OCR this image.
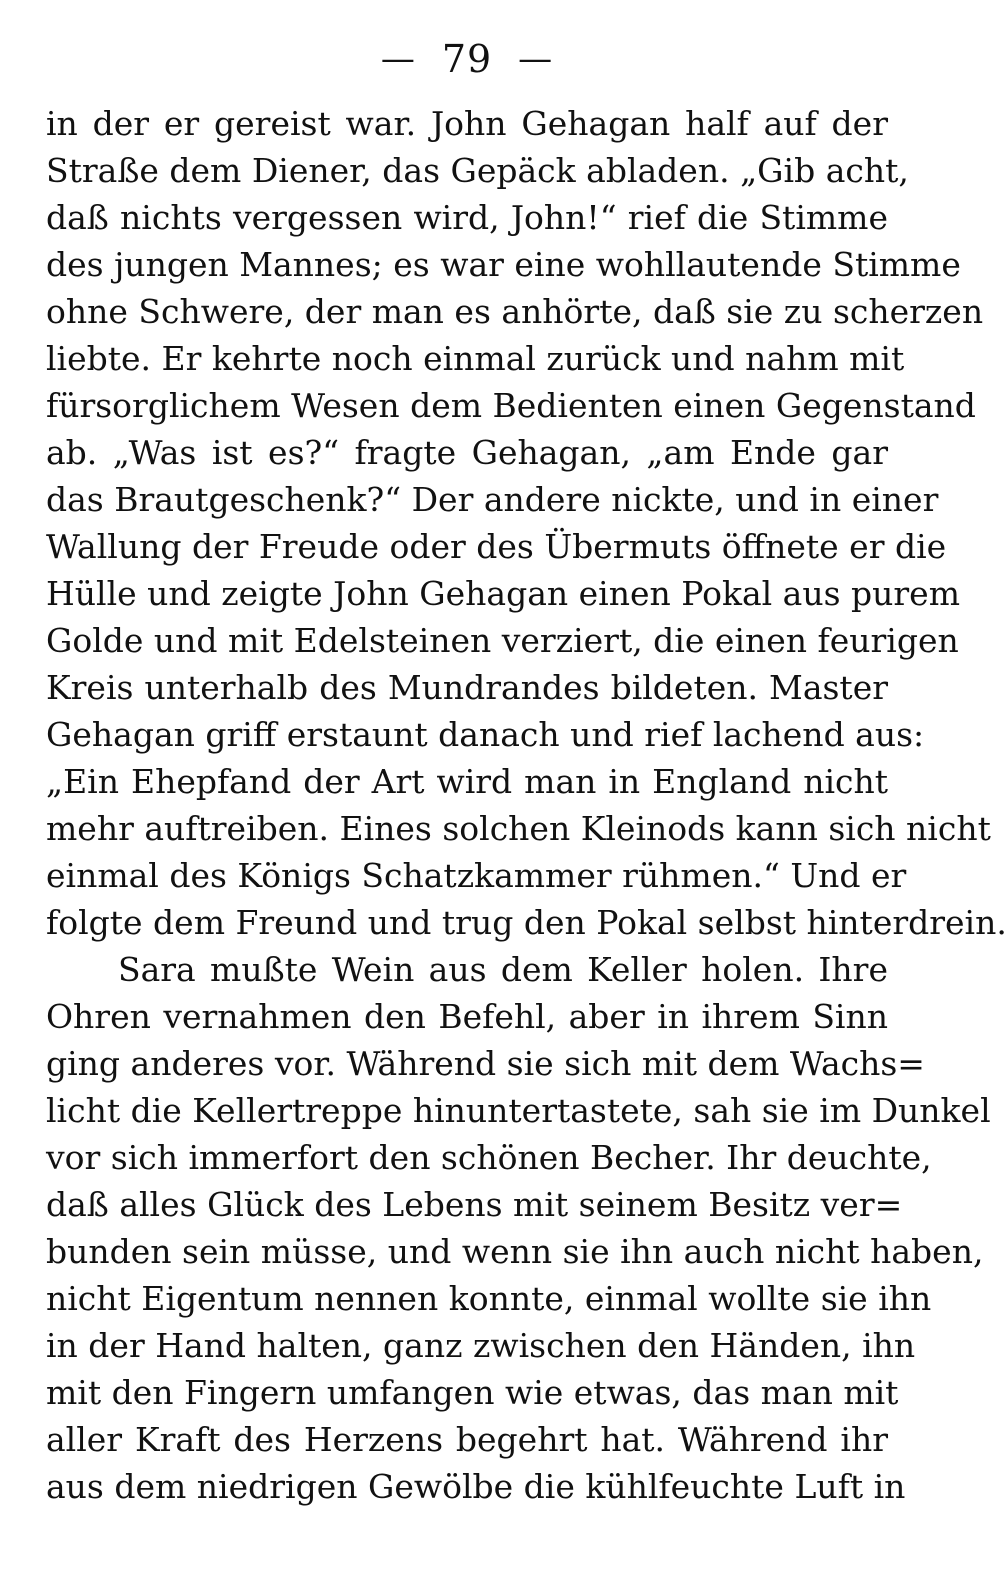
— 79 —
in der er gereist war. John Gehagan half auf der
Straße dem Diener, das Gepäck abladen. „Gib acht,
daß nichts vergessen wird, John!“ rief die Stimme
des jungen Mannes; es war eine wohllautende Stimme
ohne Schwere, der man es anhörte, daß sie zu scherzen
liebte. Er kehrte noch einmal zurück und nahm mit
fürsorglichem Wesen dem Bedienten einen Gegenstand
ab. „Was ist es?“ fragte Gehagan, „am Ende gar
das Brautgeschenk?“ Der andere nickte, und in einer
Wallung der Freude oder des Übermuts öffnete er die
Hülle und zeigte John Gehagan einen Pokal aus purem
Golde und mit Edelsteinen verziert, die einen feurigen
Kreis unterhalb des Mundrandes bildeten. Master
Gehagan griff erstaunt danach und rief lachend aus:
„Ein Ehepfand der Art wird man in England nicht
mehr auftreiben. Eines solchen Kleinods kann sich nicht
einmal des Königs Schatzkammer rühmen.“ Und er
folgte dem Freund und trug den Pokal selbst hinterdrein.
Sara mußte Wein aus dem Keller holen. Ihre
Ohren vernahmen den Befehl, aber in ihrem Sinn
ging anderes vor. Während sie sich mit dem Wachs=
licht die Kellertreppe hinuntertastete, sah sie im Dunkel
vor sich immerfort den schönen Becher. Ihr deuchte,
daß alles Glück des Lebens mit seinem Besitz ver=
bunden sein müsse, und wenn sie ihn auch nicht haben,
nicht Eigentum nennen konnte, einmal wollte sie ihn
in der Hand halten, ganz zwischen den Händen, ihn
mit den Fingern umfangen wie etwas, das man mit
aller Kraft des Herzens begehrt hat. Während ihr
aus dem niedrigen Gewölbe die kühlfeuchte Luft in
